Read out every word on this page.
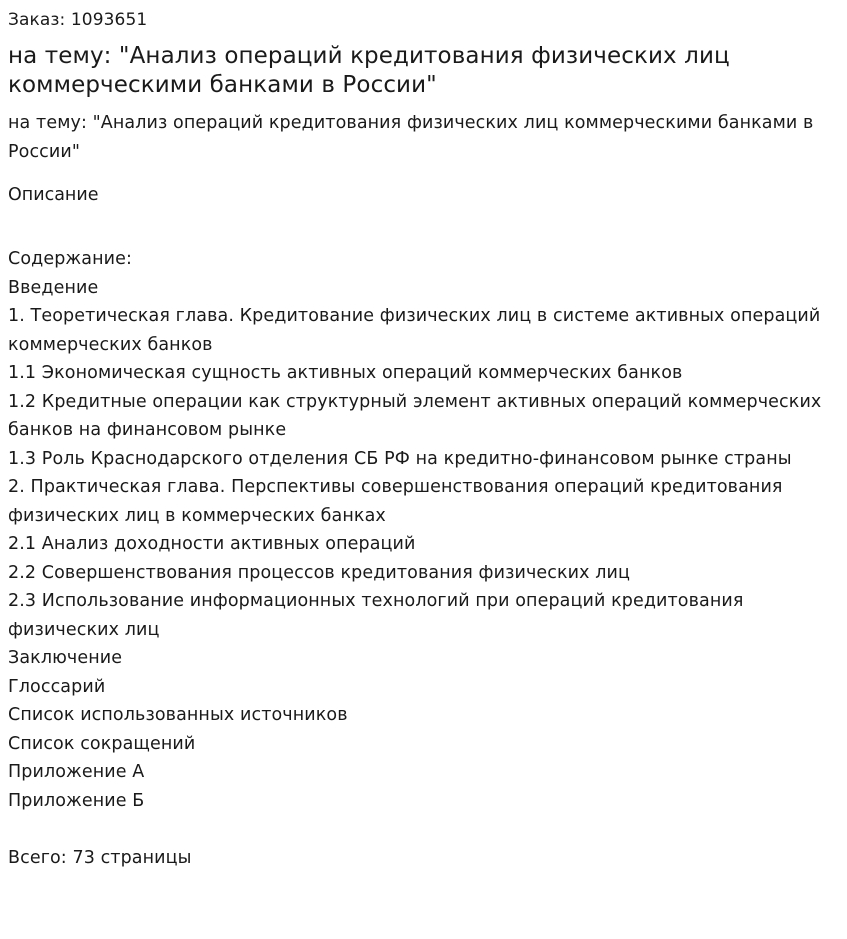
Заказ: 1093651

на тему: "Анализ операций кредитования физических лиц коммерческими банками в России"

на тему: "Анализ операций кредитования физических лиц коммерческими банками в России"

Описание

Содержание:
Введение
1. Теоретическая глава. Кредитование физических лиц в системе активных операций коммерческих банков
1.1 Экономическая сущность активных операций коммерческих банков
1.2 Кредитные операции как структурный элемент активных операций коммерческих банков на финансовом рынке
1.3 Роль Краснодарского отделения СБ РФ на кредитно-финансовом рынке страны
2. Практическая глава. Перспективы совершенствования операций кредитования физических лиц в коммерческих банках
2.1 Анализ доходности активных операций
2.2 Совершенствования процессов кредитования физических лиц
2.3 Использование информационных технологий при операций кредитования физических лиц
Заключение
Глоссарий
Список использованных источников
Список сокращений
Приложение А
Приложение Б
Всего: 73 страницы
